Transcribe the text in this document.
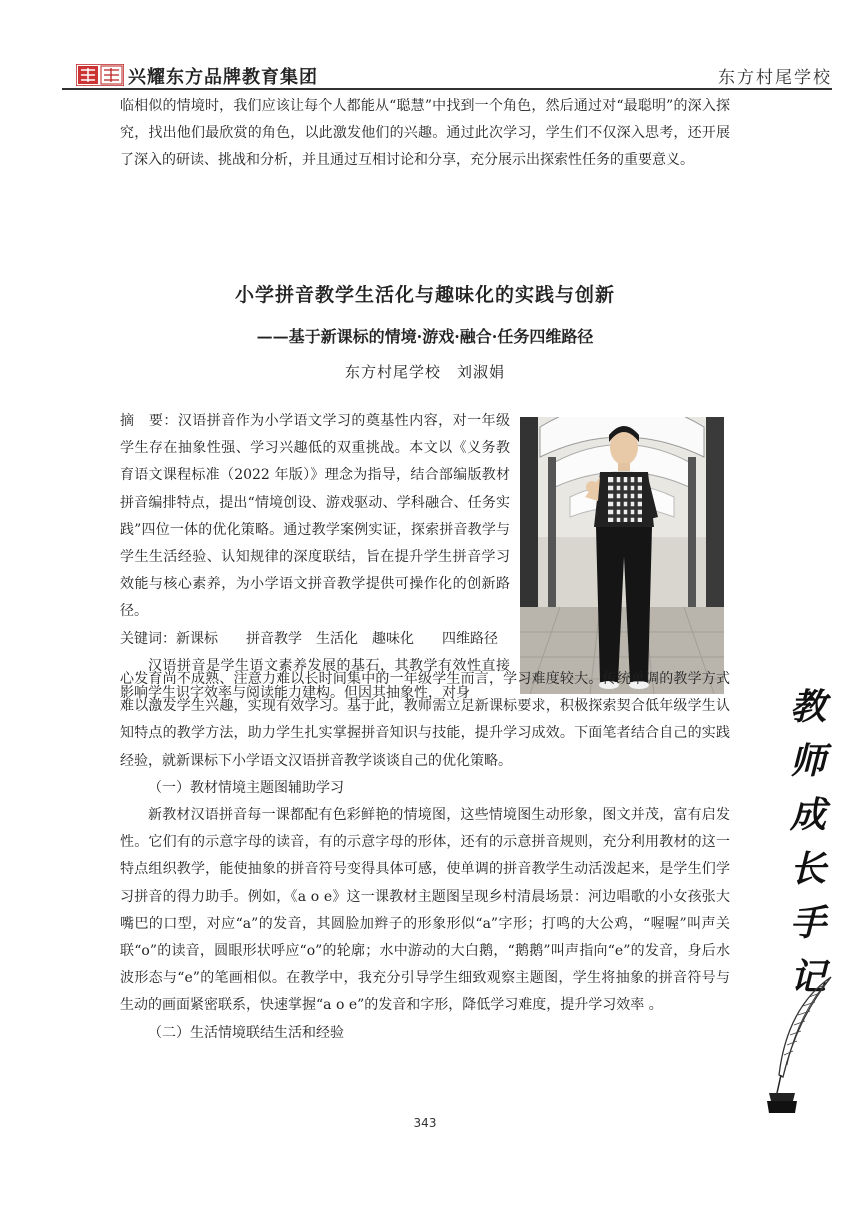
兴耀东方品牌教育集团	东方村尾学校
临相似的情境时，我们应该让每个人都能从“聪慧”中找到一个角色，然后通过对“最聪明”的深入探究，找出他们最欣赏的角色，以此激发他们的兴趣。通过此次学习，学生们不仅深入思考，还开展了深入的研读、挑战和分析，并且通过互相讨论和分享，充分展示出探索性任务的重要意义。
小学拼音教学生活化与趣味化的实践与创新
——基于新课标的情境·游戏·融合·任务四维路径
东方村尾学校　刘淑娟
摘　要：汉语拼音作为小学语文学习的奠基性内容，对一年级学生存在抽象性强、学习兴趣低的双重挑战。本文以《义务教育语文课程标准（2022 年版）》理念为指导，结合部编版教材拼音编排特点，提出“情境创设、游戏驱动、学科融合、任务实践”四位一体的优化策略。通过教学案例实证，探索拼音教学与学生生活经验、认知规律的深度联结，旨在提升学生拼音学习效能与核心素养，为小学语文拼音教学提供可操作化的创新路径。
关键词：新课标　　拼音教学　生活化　趣味化　　四维路径
汉语拼音是学生语文素养发展的基石，其教学有效性直接影响学生识字效率与阅读能力建构。但因其抽象性，对身
心发育尚不成熟、注意力难以长时间集中的一年级学生而言，学习难度较大。传统单调的教学方式难以激发学生兴趣，实现有效学习。基于此，教师需立足新课标要求，积极探索契合低年级学生认知特点的教学方法，助力学生扎实掌握拼音知识与技能，提升学习成效。下面笔者结合自己的实践经验，就新课标下小学语文汉语拼音教学谈谈自己的优化策略。
（一）教材情境主题图辅助学习
新教材汉语拼音每一课都配有色彩鲜艳的情境图，这些情境图生动形象，图文并茂，富有启发性。它们有的示意字母的读音，有的示意字母的形体，还有的示意拼音规则，充分利用教材的这一特点组织教学，能使抽象的拼音符号变得具体可感，使单调的拼音教学生动活泼起来，是学生们学习拼音的得力助手。例如，《a o e》这一课教材主题图呈现乡村清晨场景：河边唱歌的小女孩张大嘴巴的口型，对应“a”的发音，其圆脸加辫子的形象形似“a”字形；打鸣的大公鸡，“喔喔”叫声关联“o”的读音，圆眼形状呼应“o”的轮廓；水中游动的大白鹅，“鹅鹅”叫声指向“e”的发音，身后水波形态与“e”的笔画相似。在教学中，我充分引导学生细致观察主题图，学生将抽象的拼音符号与生动的画面紧密联系，快速掌握“a o e”的发音和字形，降低学习难度，提升学习效率 。
（二）生活情境联结生活和经验
教
师
成
长
手
记
343
